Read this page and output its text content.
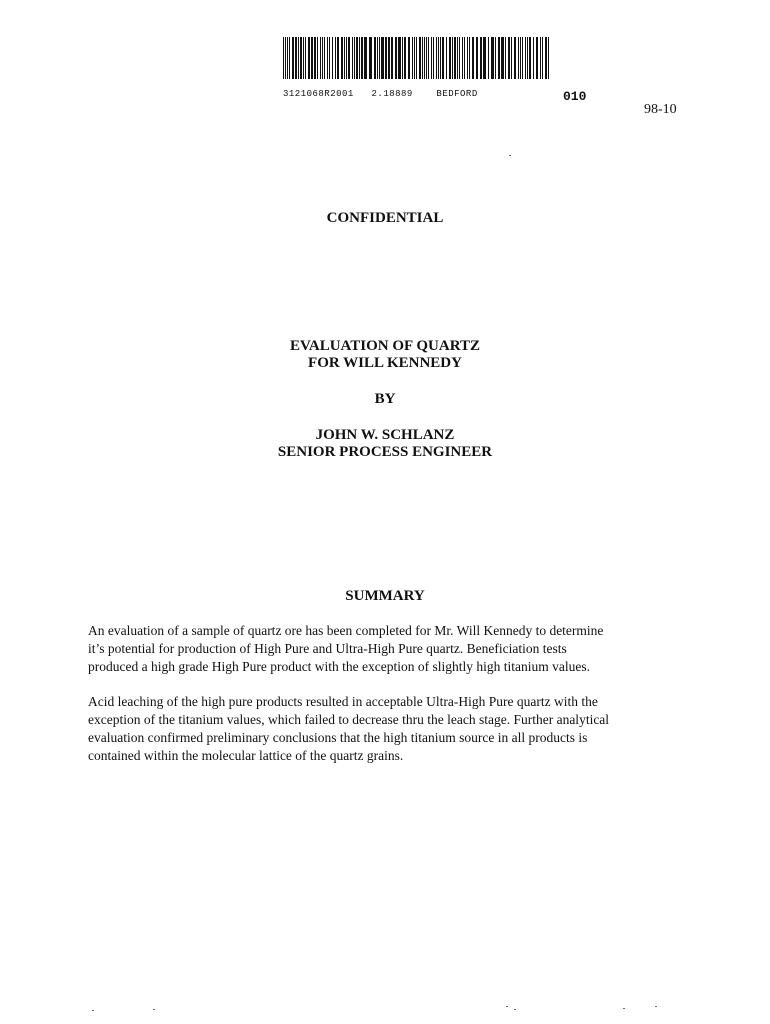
3121068R2001   2.18889    BEDFORD	010
98-10
CONFIDENTIAL
EVALUATION OF QUARTZ
FOR WILL KENNEDY
BY
JOHN W. SCHLANZ
SENIOR PROCESS ENGINEER
SUMMARY
An evaluation of a sample of quartz ore has been completed for Mr. Will Kennedy to determine
it’s potential for production of High Pure and Ultra-High Pure quartz. Beneficiation tests
produced a high grade High Pure product with the exception of slightly high titanium values.
Acid leaching of the high pure products resulted in acceptable Ultra-High Pure quartz with the
exception of the titanium values, which failed to decrease thru the leach stage. Further analytical
evaluation confirmed preliminary conclusions that the high titanium source in all products is
contained within the molecular lattice of the quartz grains.
